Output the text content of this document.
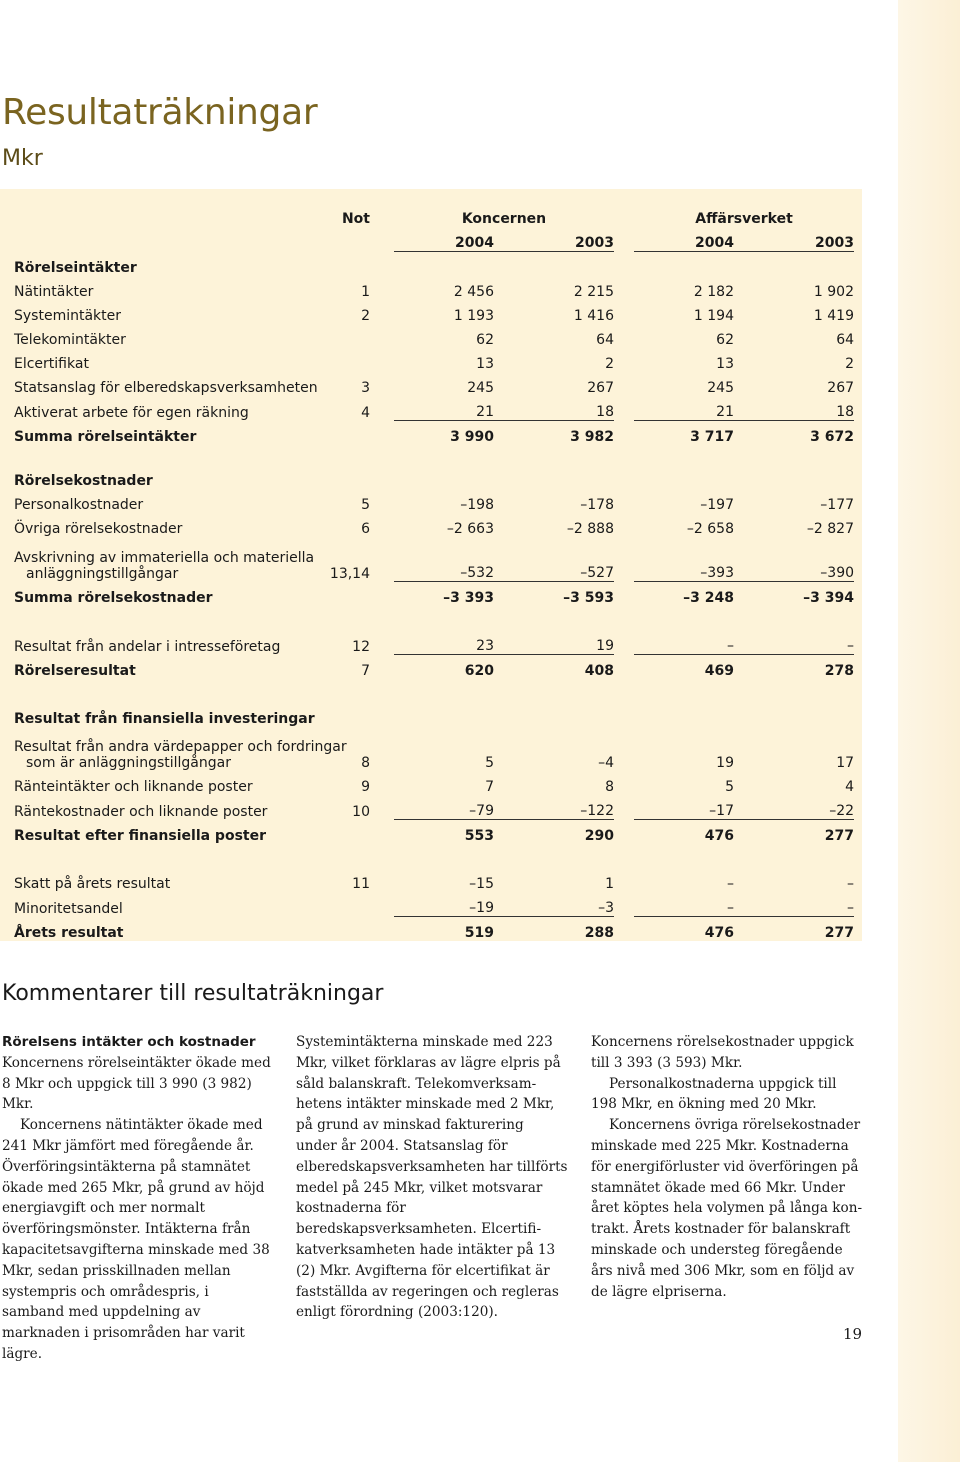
Resultaträkningar
Mkr
	Not		Koncernen				Affärsverket		
			2004		2003		2004		2003
Rörelseintäkter									
Nätintäkter	1		2 456		2 215		2 182		1 902
Systemintäkter	2		1 193		1 416		1 194		1 419
Telekomintäkter			62		64		62		64
Elcertifikat			13		2		13		2
Statsanslag för elberedskapsverksamheten	3		245		267		245		267
Aktiverat arbete för egen räkning	4		21		18		21		18
Summa rörelseintäkter			3 990		3 982		3 717		3 672

Rörelsekostnader									
Personalkostnader	5		–198		–178		–197		–177
Övriga rörelsekostnader	6		–2 663		–2 888		–2 658		–2 827

Avskrivning av immateriella och materiella
anläggningstillgångar	13,14		–532		–527		–393		–390
Summa rörelsekostnader			–3 393		–3 593		–3 248		–3 394

Resultat från andelar i intresseföretag	12		23		19		–		–
Rörelseresultat	7		620		408		469		278

Resultat från finansiella investeringar									

Resultat från andra värdepapper och fordringar
som är anläggningstillgångar	8		5		–4		19		17
Ränteintäkter och liknande poster	9		7		8		5		4
Räntekostnader och liknande poster	10		–79		–122		–17		–22
Resultat efter finansiella poster			553		290		476		277

Skatt på årets resultat	11		–15		1		–		–
Minoritetsandel			–19		–3		–		–
Årets resultat			519		288		476		277
Kommentarer till resultaträkningar

Rörelsens intäkter och kostnader

Koncernens rörelseintäkter ökade med 8 Mkr och uppgick till 3 990 (3 982) Mkr.

Koncernens nätintäkter ökade med 241 Mkr jämfört med föregående år. Överföringsintäkterna på stamnätet ökade med 265 Mkr, på grund av höjd energiavgift och mer normalt överföringsmönster. Intäkterna från kapacitetsavgifterna minskade med 38 Mkr, sedan prisskillnaden mellan systempris och områdespris, i samband med uppdelning av marknaden i prisområden har varit lägre.

Systemintäkterna minskade med 223 Mkr, vilket förklaras av lägre elpris på såld balanskraft. Telekomverksamhetens intäkter minskade med 2 Mkr, på grund av minskad fakturering under år 2004. Statsanslag för elberedskapsverksamheten har tillförts medel på 245 Mkr, vilket motsvarar kostnaderna för beredskapsverksamheten. Elcertifikatverksamheten hade intäkter på 13 (2) Mkr. Avgifterna för elcertifikat är fastställda av regeringen och regleras enligt förordning (2003:120).

Koncernens rörelsekostnader uppgick till 3 393 (3 593) Mkr.

Personalkostnaderna uppgick till 198 Mkr, en ökning med 20 Mkr.

Koncernens övriga rörelsekostnader minskade med 225 Mkr. Kostnaderna för energiförluster vid överföringen på stamnätet ökade med 66 Mkr. Under året köptes hela volymen på långa kontrakt. Årets kostnader för balanskraft minskade och understeg föregående års nivå med 306 Mkr, som en följd av de lägre elpriserna.

19
